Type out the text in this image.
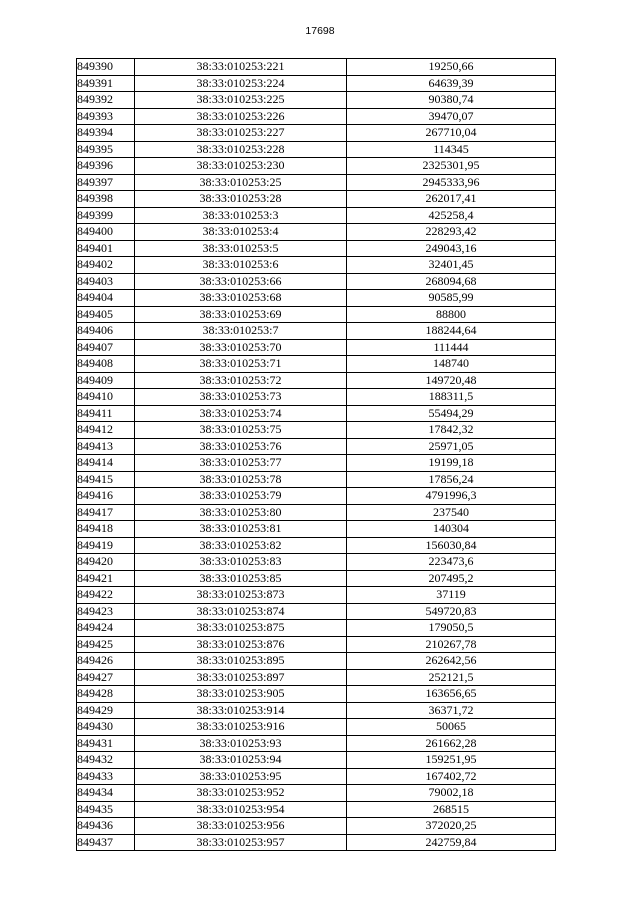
17698
849390	38:33:010253:221	19250,66
849391	38:33:010253:224	64639,39
849392	38:33:010253:225	90380,74
849393	38:33:010253:226	39470,07
849394	38:33:010253:227	267710,04
849395	38:33:010253:228	114345
849396	38:33:010253:230	2325301,95
849397	38:33:010253:25	2945333,96
849398	38:33:010253:28	262017,41
849399	38:33:010253:3	425258,4
849400	38:33:010253:4	228293,42
849401	38:33:010253:5	249043,16
849402	38:33:010253:6	32401,45
849403	38:33:010253:66	268094,68
849404	38:33:010253:68	90585,99
849405	38:33:010253:69	88800
849406	38:33:010253:7	188244,64
849407	38:33:010253:70	111444
849408	38:33:010253:71	148740
849409	38:33:010253:72	149720,48
849410	38:33:010253:73	188311,5
849411	38:33:010253:74	55494,29
849412	38:33:010253:75	17842,32
849413	38:33:010253:76	25971,05
849414	38:33:010253:77	19199,18
849415	38:33:010253:78	17856,24
849416	38:33:010253:79	4791996,3
849417	38:33:010253:80	237540
849418	38:33:010253:81	140304
849419	38:33:010253:82	156030,84
849420	38:33:010253:83	223473,6
849421	38:33:010253:85	207495,2
849422	38:33:010253:873	37119
849423	38:33:010253:874	549720,83
849424	38:33:010253:875	179050,5
849425	38:33:010253:876	210267,78
849426	38:33:010253:895	262642,56
849427	38:33:010253:897	252121,5
849428	38:33:010253:905	163656,65
849429	38:33:010253:914	36371,72
849430	38:33:010253:916	50065
849431	38:33:010253:93	261662,28
849432	38:33:010253:94	159251,95
849433	38:33:010253:95	167402,72
849434	38:33:010253:952	79002,18
849435	38:33:010253:954	268515
849436	38:33:010253:956	372020,25
849437	38:33:010253:957	242759,84
